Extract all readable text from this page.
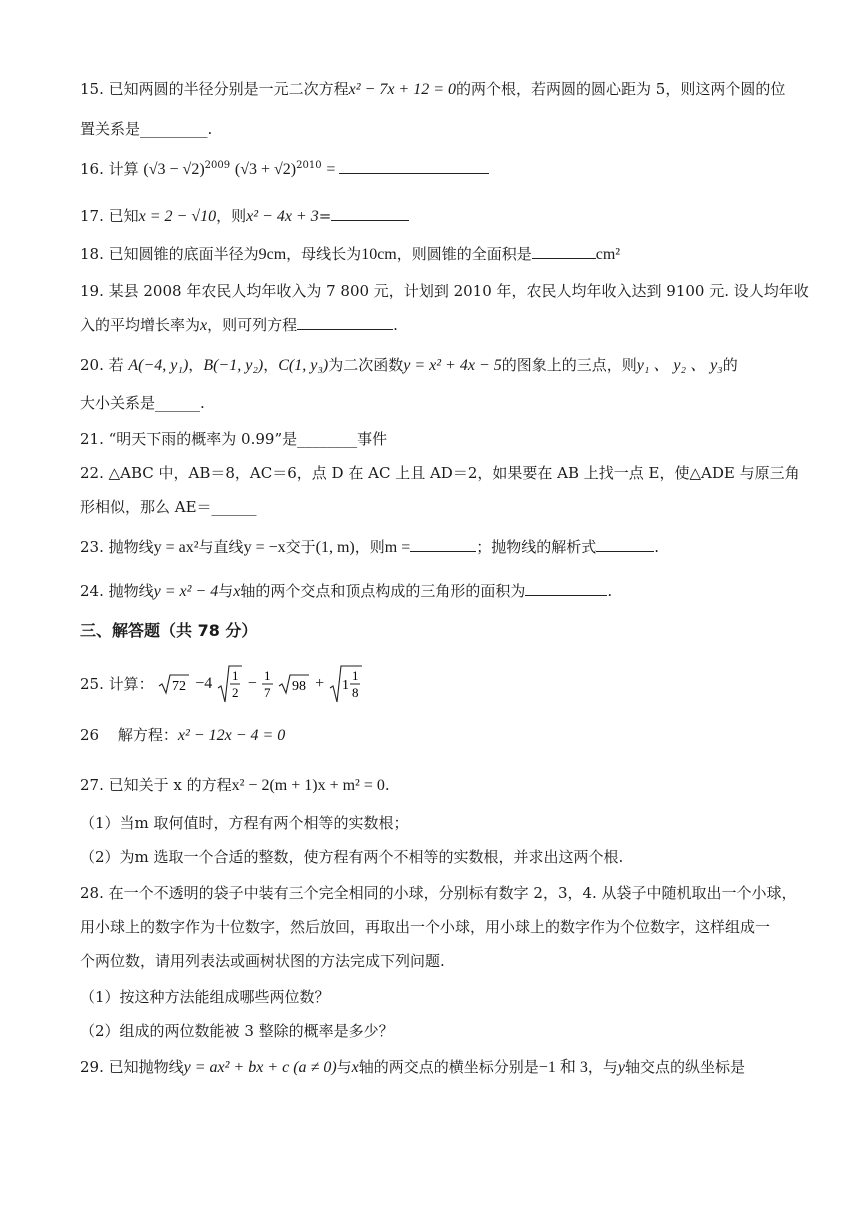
15. 已知两圆的半径分别是一元二次方程x² − 7x + 12 = 0的两个根，若两圆的圆心距为 5，则这两个圆的位
置关系是_________.
16. 计算 $(√3 - √2)^{2009}$ $(√3 + √2)^{2010}$ =
17. 已知x = 2 − √10，则x² − 4x + 3=
18. 已知圆锥的底面半径为9cm，母线长为10cm，则圆锥的全面积是	cm²
19. 某县 2008 年农民人均年收入为 7 800 元，计划到 2010 年，农民人均年收入达到 9100 元. 设人均年收
入的平均增长率为x，则可列方程	.
20. 若 A(−4, y₁)，B(−1, y₂)，C(1, y₃)为二次函数y = x² + 4x − 5的图象上的三点，则y₁ 、 y₂ 、 y₃的
大小关系是______.
21. “明天下雨的概率为 0.99”是________事件
22. △ABC 中，AB＝8，AC＝6，点 D 在 AC 上且 AD＝2，如果要在 AB 上找一点 E，使△ADE 与原三角
形相似，那么 AE＝______
23. 抛物线y = ax²与直线y = −x交于(1, m)，则m =	；抛物线的解析式	.
24. 抛物线y = x² − 4与x轴的两个交点和顶点构成的三角形的面积为	.
三、解答题（共 78 分）
25. 计算： 72 −4 1
2
− 1
7
98 + 1
1
8
26 解方程：x² − 12x − 4 = 0
27. 已知关于 x 的方程x² − 2(m + 1)x + m² = 0.
（1）当m 取何值时，方程有两个相等的实数根；
（2）为m 选取一个合适的整数，使方程有两个不相等的实数根，并求出这两个根.
28. 在一个不透明的袋子中装有三个完全相同的小球，分别标有数字 2，3，4. 从袋子中随机取出一个小球，
用小球上的数字作为十位数字，然后放回，再取出一个小球，用小球上的数字作为个位数字，这样组成一
个两位数，请用列表法或画树状图的方法完成下列问题.
（1）按这种方法能组成哪些两位数？
（2）组成的两位数能被 3 整除的概率是多少？
29. 已知抛物线y = ax² + bx + c (a ≠ 0)与x轴的两交点的横坐标分别是−1 和 3，与y轴交点的纵坐标是
